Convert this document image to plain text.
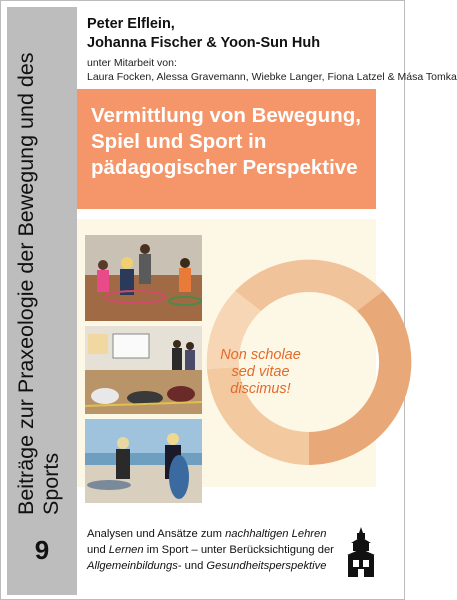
Beiträge zur Praxeologie der Bewegung und des Sports
9
Peter Elflein,
Johanna Fischer & Yoon-Sun Huh
unter Mitarbeit von:
Laura Focken, Alessa Gravemann, Wiebke Langer, Fiona Latzel & Mása Tomka
Vermittlung von Bewegung,
Spiel und Sport in
pädagogischer Perspektive
Non scholae
sed vitae
discimus!
Analysen und Ansätze zum nachhaltigen Lehren
und Lernen im Sport – unter Berücksichtigung der
Allgemeinbildungs- und Gesundheitsperspektive
